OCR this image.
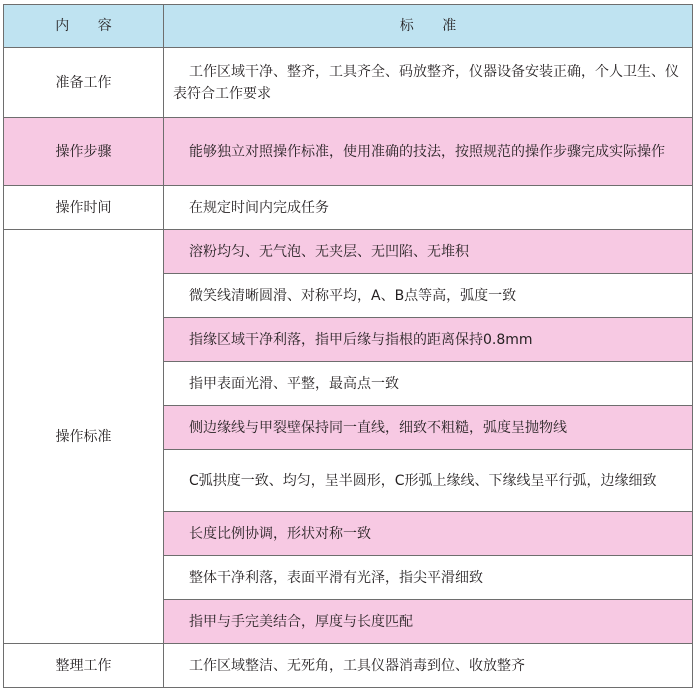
内 容	标 准
准备工作	工作区域干净、整齐，工具齐全、码放整齐，仪器设备安装正确，个人卫生、仪表符合工作要求
操作步骤	能够独立对照操作标准，使用准确的技法，按照规范的操作步骤完成实际操作
操作时间	在规定时间内完成任务
操作标准	溶粉均匀、无气泡、无夹层、无凹陷、无堆积
	微笑线清晰圆滑、对称平均，A、B点等高，弧度一致
	指缘区域干净利落，指甲后缘与指根的距离保持0.8mm
	指甲表面光滑、平整，最高点一致
	侧边缘线与甲裂壁保持同一直线，细致不粗糙，弧度呈抛物线
	C弧拱度一致、均匀，呈半圆形，C形弧上缘线、下缘线呈平行弧，边缘细致
	长度比例协调，形状对称一致
	整体干净利落，表面平滑有光泽，指尖平滑细致
	指甲与手完美结合，厚度与长度匹配
整理工作	工作区域整洁、无死角，工具仪器消毒到位、收放整齐
